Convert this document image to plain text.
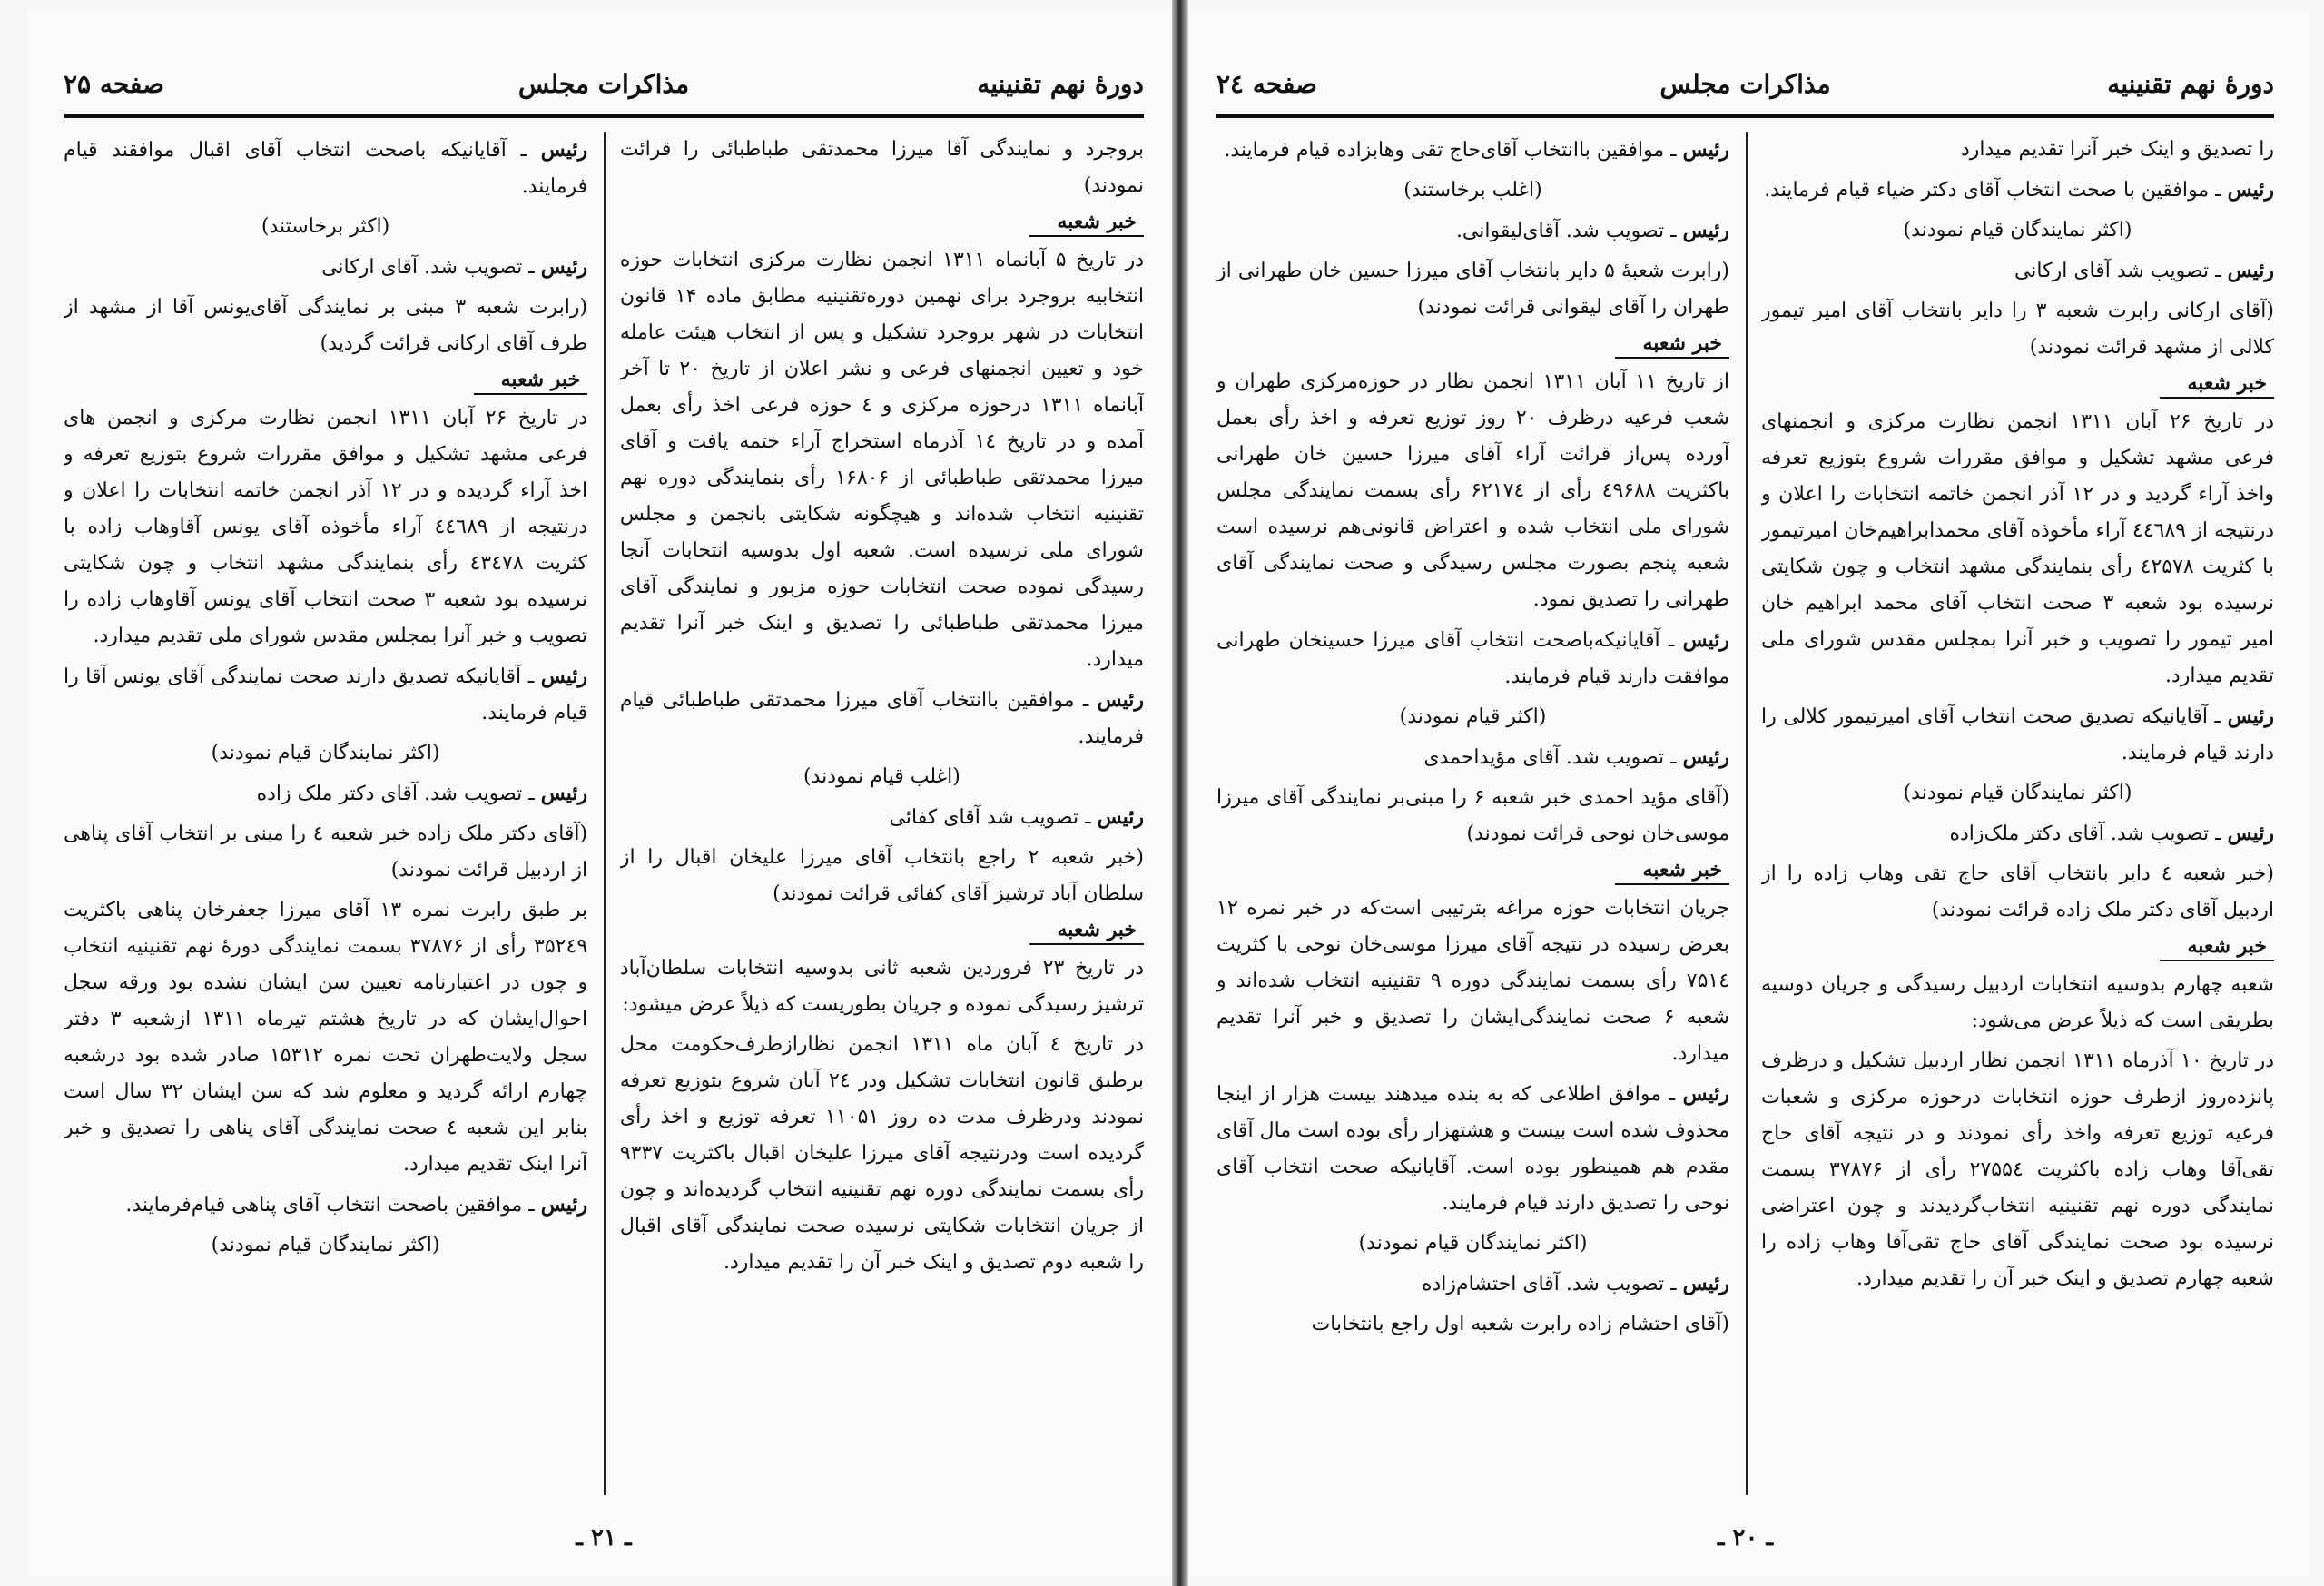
دورهٔ نهم تقنینیه
مذاکرات مجلس
صفحه ۲۵

بروجرد و نمایندگی آقا میرزا محمدتقی طباطبائی را قرائت نمودند)

خبر شعبه

در تاریخ ۵ آبانماه ۱۳۱۱ انجمن نظارت مرکزی انتخابات حوزه انتخابیه بروجرد برای نهمین دوره‌تقنینیه مطابق ماده ۱۴ قانون انتخابات در شهر بروجرد تشکیل و پس از انتخاب هیئت عامله خود و تعیین انجمنهای فرعی و نشر اعلان از تاریخ ۲۰ تا آخر آبانماه ۱۳۱۱ درحوزه مرکزی و ٤ حوزه فرعی اخذ رأی بعمل آمده و در تاریخ ۱٤ آذرماه استخراج آراء ختمه یافت و آقای میرزا محمدتقی طباطبائی از ۱۶۸۰۶ رأی بنمایندگی دوره نهم تقنینیه انتخاب شده‌اند و هیچگونه شکایتی بانجمن و مجلس شورای ملی نرسیده است. شعبه اول بدوسیه انتخابات آنجا رسیدگی نموده صحت انتخابات حوزه مزبور و نمایندگی آقای میرزا محمدتقی طباطبائی را تصدیق و اینک خبر آنرا تقدیم میدارد.

رئیس ـ موافقین باانتخاب آقای میرزا محمدتقی طباطبائی قیام فرمایند.

(اغلب قیام نمودند)

رئیس ـ تصویب شد آقای کفائی

(خبر شعبه ۲ راجع بانتخاب آقای میرزا علیخان اقبال را از سلطان آباد ترشیز آقای کفائی قرائت نمودند)

خبر شعبه

در تاریخ ۲۳ فروردین شعبه ثانی بدوسیه انتخابات سلطان‌آباد ترشیز رسیدگی نموده و جریان بطوریست که ذیلاً عرض میشود:

در تاریخ ٤ آبان ماه ۱۳۱۱ انجمن نظارازطرف‌حکومت محل برطبق قانون انتخابات تشکیل ودر ۲٤ آبان شروع بتوزیع تعرفه نمودند ودرظرف مدت ده روز ۱۱۰۵۱ تعرفه توزیع و اخذ رأی گردیده است ودرنتیجه آقای میرزا علیخان اقبال باکثریت ۹۳۳۷ رأی بسمت نمایندگی دوره نهم تقنینیه انتخاب گردیده‌اند و چون از جریان انتخابات شکایتی نرسیده صحت نمایندگی آقای اقبال را شعبه دوم تصدیق و اینک خبر آن را تقدیم میدارد.

رئیس ـ آقایانیکه باصحت انتخاب آقای اقبال موافقند قیام فرمایند.

(اکثر برخاستند)

رئیس ـ تصویب شد. آقای ارکانی

(رابرت شعبه ۳ مبنی بر نمایندگی آقای‌یونس آقا از مشهد از طرف آقای ارکانی قرائت گردید)

خبر شعبه

در تاریخ ۲۶ آبان ۱۳۱۱ انجمن نظارت مرکزی و انجمن های فرعی مشهد تشکیل و موافق مقررات شروع بتوزیع تعرفه و اخذ آراء گردیده و در ۱۲ آذر انجمن خاتمه انتخابات را اعلان و درنتیجه از ٤٤٦۸۹ آراء مأخوذه آقای یونس آقاوهاب زاده با کثریت ٤۳٤۷۸ رأی بنمایندگی مشهد انتخاب و چون شکایتی نرسیده بود شعبه ۳ صحت انتخاب آقای یونس آقاوهاب زاده را تصویب و خبر آنرا بمجلس مقدس شورای ملی تقدیم میدارد.

رئیس ـ آقایانیکه تصدیق دارند صحت نمایندگی آقای یونس آقا را قیام فرمایند.

(اکثر نمایندگان قیام نمودند)

رئیس ـ تصویب شد. آقای دکتر ملک زاده

(آقای دکتر ملک زاده خبر شعبه ٤ را مبنی بر انتخاب آقای پناهی از اردبیل قرائت نمودند)

بر طبق رابرت نمره ۱۳ آقای میرزا جعفرخان پناهی باکثریت ۳۵۲٤۹ رأی از ۳۷۸۷۶ بسمت نمایندگی دورهٔ نهم تقنینیه انتخاب و چون در اعتبارنامه تعیین سن ایشان نشده بود ورقه سجل احوال‌ایشان که در تاریخ هشتم تیرماه ۱۳۱۱ ازشعبه ۳ دفتر سجل ولایت‌طهران تحت نمره ۱۵۳۱۲ صادر شده بود درشعبه چهارم ارائه گردید و معلوم شد که سن ایشان ۳۲ سال است بنابر این شعبه ٤ صحت نمایندگی آقای پناهی را تصدیق و خبر آنرا اینک تقدیم میدارد.

رئیس ـ موافقین باصحت انتخاب آقای پناهی قیام‌فرمایند.

(اکثر نمایندگان قیام نمودند)

ـ ۲۱ ـ
دورهٔ نهم تقنینیه
مذاکرات مجلس
صفحه ۲٤

را تصدیق و اینک خبر آنرا تقدیم میدارد

رئیس ـ موافقین با صحت انتخاب آقای دکتر ضیاء قیام فرمایند.

(اکثر نمایندگان قیام نمودند)

رئیس ـ تصویب شد آقای ارکانی

(آقای ارکانی رابرت شعبه ۳ را دایر بانتخاب آقای امیر تیمور کلالی از مشهد قرائت نمودند)

خبر شعبه

در تاریخ ۲۶ آبان ۱۳۱۱ انجمن نظارت مرکزی و انجمنهای فرعی مشهد تشکیل و موافق مقررات شروع بتوزیع تعرفه واخذ آراء گردید و در ۱۲ آذر انجمن خاتمه انتخابات را اعلان و درنتیجه از ٤٤٦۸۹ آراء مأخوذه آقای محمدابراهیم‌خان امیرتیمور با کثریت ٤۲۵۷۸ رأی بنمایندگی مشهد انتخاب و چون شکایتی نرسیده بود شعبه ۳ صحت انتخاب آقای محمد ابراهیم خان امیر تیمور را تصویب و خبر آنرا بمجلس مقدس شورای ملی تقدیم میدارد.

رئیس ـ آقایانیکه تصدیق صحت انتخاب آقای امیرتیمور کلالی را دارند قیام فرمایند.

(اکثر نمایندگان قیام نمودند)

رئیس ـ تصویب شد. آقای دکتر ملک‌زاده

(خبر شعبه ٤ دایر بانتخاب آقای حاج تقی وهاب زاده را از اردبیل آقای دکتر ملک زاده قرائت نمودند)

خبر شعبه

شعبه چهارم بدوسیه انتخابات اردبیل رسیدگی و جریان دوسیه بطریقی است که ذیلاً عرض می‌شود:

در تاریخ ۱۰ آذرماه ۱۳۱۱ انجمن نظار اردبیل تشکیل و درظرف پانزده‌روز ازطرف حوزه انتخابات درحوزه مرکزی و شعبات فرعیه توزیع تعرفه واخذ رأی نمودند و در نتیجه آقای حاج تقی‌آقا وهاب زاده باکثریت ۲۷۵۵٤ رأی از ۳۷۸۷۶ بسمت نمایندگی دوره نهم تقنینیه انتخاب‌گردیدند و چون اعتراضی نرسیده بود صحت نمایندگی آقای حاج تقی‌آقا وهاب زاده را شعبه چهارم تصدیق و اینک خبر آن را تقدیم میدارد.

رئیس ـ موافقین باانتخاب آقای‌حاج تقی وهابزاده قیام فرمایند.

(اغلب برخاستند)

رئیس ـ تصویب شد. آقای‌لیقوانی.

(رابرت شعبهٔ ۵ دایر بانتخاب آقای میرزا حسین خان طهرانی از طهران را آقای لیقوانی قرائت نمودند)

خبر شعبه

از تاریخ ۱۱ آبان ۱۳۱۱ انجمن نظار در حوزه‌مرکزی طهران و شعب فرعیه درظرف ۲۰ روز توزیع تعرفه و اخذ رأی بعمل آورده پس‌از قرائت آراء آقای میرزا حسین خان طهرانی باکثریت ٤۹۶۸۸ رأی از ۶۲۱۷٤ رأی بسمت نمایندگی مجلس شورای ملی انتخاب شده و اعتراض قانونی‌هم نرسیده است شعبه پنجم بصورت مجلس رسیدگی و صحت نمایندگی آقای طهرانی را تصدیق نمود.

رئیس ـ آقایانیکه‌باصحت انتخاب آقای میرزا حسینخان طهرانی موافقت دارند قیام فرمایند.

(اکثر قیام نمودند)

رئیس ـ تصویب شد. آقای مؤیداحمدی

(آقای مؤید احمدی خبر شعبه ۶ را مبنی‌بر نمایندگی آقای میرزا موسی‌خان نوحی قرائت نمودند)

خبر شعبه

جریان انتخابات حوزه مراغه بترتیبی است‌که در خبر نمره ۱۲ بعرض رسیده در نتیجه آقای میرزا موسی‌خان نوحی با کثریت ۷۵۱٤ رأی بسمت نمایندگی دوره ۹ تقنینیه انتخاب شده‌اند و شعبه ۶ صحت نمایندگی‌ایشان را تصدیق و خبر آنرا تقدیم میدارد.

رئیس ـ موافق اطلاعی که به بنده میدهند بیست هزار از اینجا محذوف شده است بیست و هشتهزار رأی بوده است مال آقای مقدم هم همینطور بوده است. آقایانیکه صحت انتخاب آقای نوحی را تصدیق دارند قیام فرمایند.

(اکثر نمایندگان قیام نمودند)

رئیس ـ تصویب شد. آقای احتشام‌زاده

(آقای احتشام زاده رابرت شعبه اول راجع بانتخابات

ـ ۲۰ ـ
